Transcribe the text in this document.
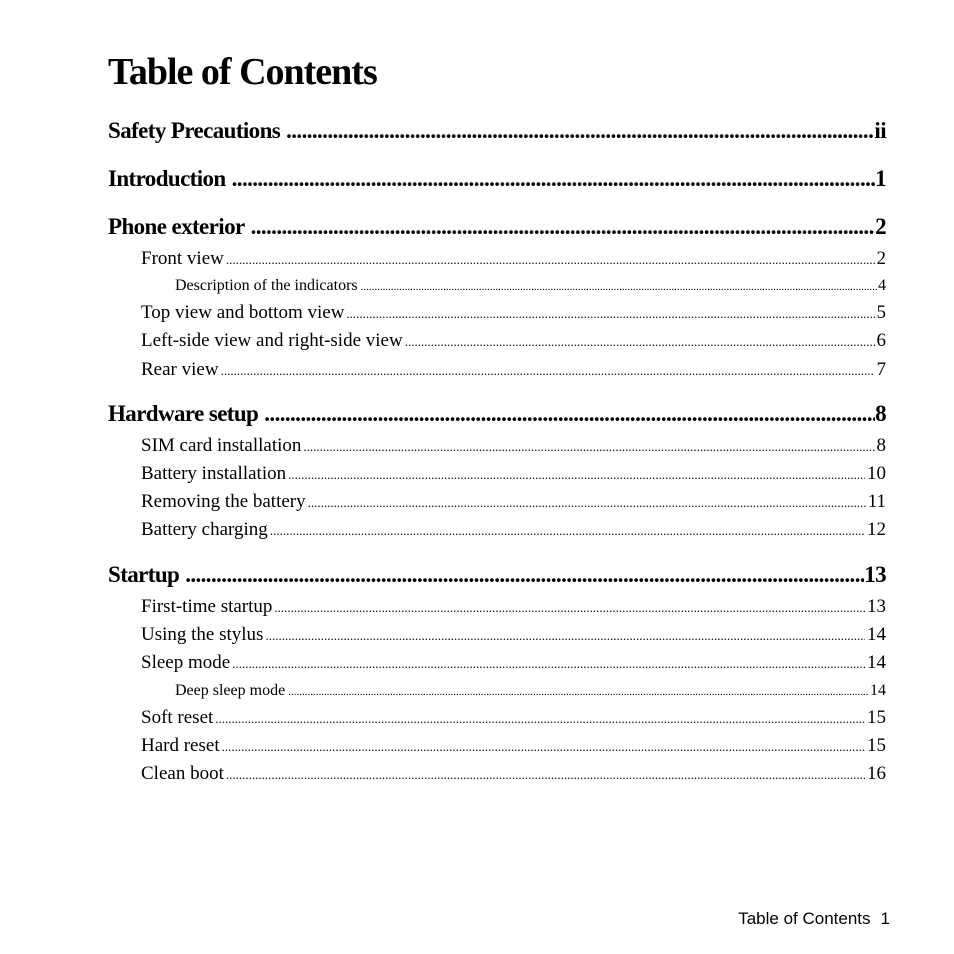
Table of Contents
Safety Precautions .....	ii
Introduction .....	1
Phone exterior .....	2
Front view .....	2
Description of the indicators .....	4
Top view and bottom view .....	5
Left-side view and right-side view .....	6
Rear view .....	7
Hardware setup .....	8
SIM card installation .....	8
Battery installation .....	10
Removing the battery .....	11
Battery charging .....	12
Startup .....	13
First-time startup .....	13
Using the stylus .....	14
Sleep mode .....	14
Deep sleep mode .....	14
Soft reset .....	15
Hard reset .....	15
Clean boot .....	16
Table of Contents 1
